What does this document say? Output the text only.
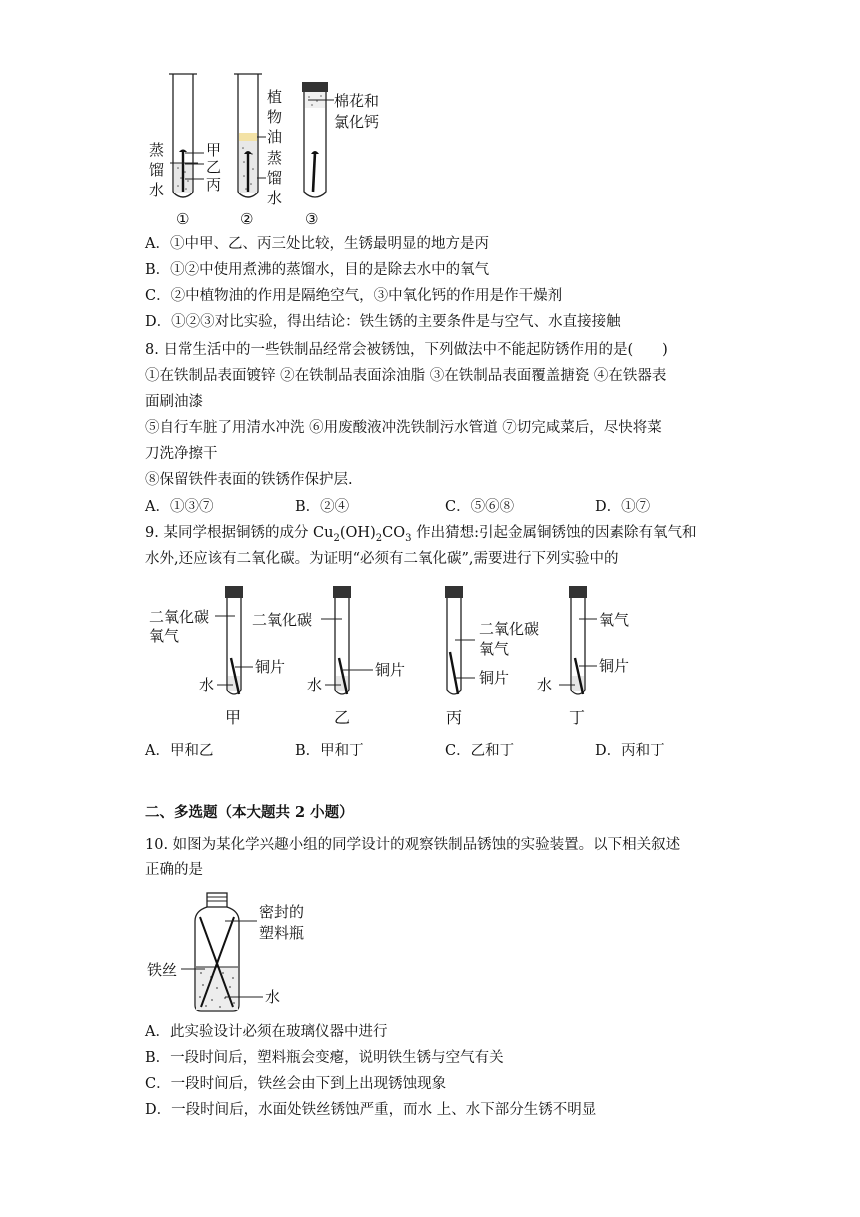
蒸
馏
水
甲
乙
丙
①
植
物
油
蒸
馏
水
②
棉花和
氯化钙
③
A．①中甲、乙、丙三处比较，生锈最明显的地方是丙
B．①②中使用煮沸的蒸馏水，目的是除去水中的氧气
C．②中植物油的作用是隔绝空气，③中氧化钙的作用是作干燥剂
D．①②③对比实验，得出结论：铁生锈的主要条件是与空气、水直接接触
8. 日常生活中的一些铁制品经常会被锈蚀，下列做法中不能起防锈作用的是(　　)
①在铁制品表面镀锌 ②在铁制品表面涂油脂 ③在铁制品表面覆盖搪瓷 ④在铁器表
面刷油漆
⑤自行车脏了用清水冲洗 ⑥用废酸液冲洗铁制污水管道 ⑦切完咸菜后，尽快将菜
刀洗净擦干
⑧保留铁件表面的铁锈作保护层.
A．①③⑦	B．②④	C．⑤⑥⑧	D．①⑦
9. 某同学根据铜锈的成分 $Cu_2(OH)_2CO_3$ 作出猜想:引起金属铜锈蚀的因素除有氧气和
水外,还应该有二氧化碳。为证明“必须有二氧化碳”,需要进行下列实验中的
二氧化碳
氧气
铜片
水
甲
二氧化碳
铜片
水
乙
二氧化碳
氧气
铜片
丙
氧气
铜片
水
丁
A．甲和乙	B．甲和丁	C．乙和丁	D．丙和丁
二、多选题（本大题共 2 小题）
10. 如图为某化学兴趣小组的同学设计的观察铁制品锈蚀的实验装置。以下相关叙述
正确的是
密封的
塑料瓶
铁丝
水
A．此实验设计必须在玻璃仪器中进行
B．一段时间后，塑料瓶会变瘪，说明铁生锈与空气有关
C．一段时间后，铁丝会由下到上出现锈蚀现象
D．一段时间后，水面处铁丝锈蚀严重，而水 上、水下部分生锈不明显
